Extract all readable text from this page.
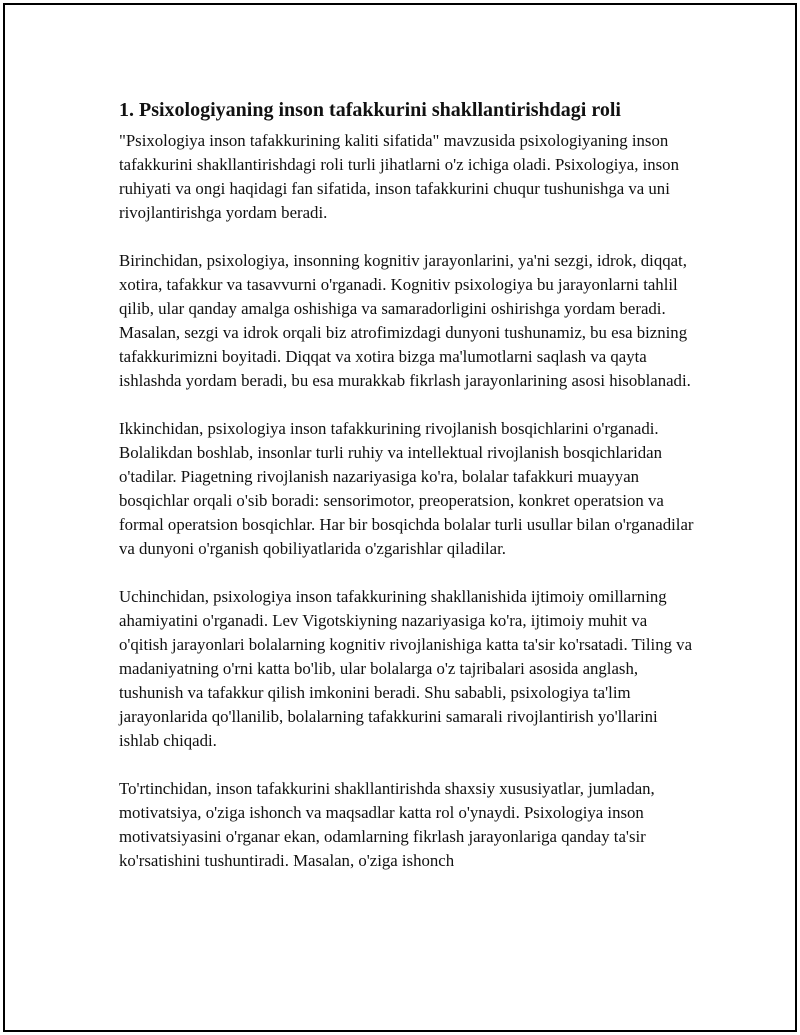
1. Psixologiyaning inson tafakkurini shakllantirishdagi roli

"Psixologiya inson tafakkurining kaliti sifatida" mavzusida psixologiyaning inson tafakkurini shakllantirishdagi roli turli jihatlarni o'z ichiga oladi. Psixologiya, inson ruhiyati va ongi haqidagi fan sifatida, inson tafakkurini chuqur tushunishga va uni rivojlantirishga yordam beradi.

Birinchidan, psixologiya, insonning kognitiv jarayonlarini, ya'ni sezgi, idrok, diqqat, xotira, tafakkur va tasavvurni o'rganadi. Kognitiv psixologiya bu jarayonlarni tahlil qilib, ular qanday amalga oshishiga va samaradorligini oshirishga yordam beradi. Masalan, sezgi va idrok orqali biz atrofimizdagi dunyoni tushunamiz, bu esa bizning tafakkurimizni boyitadi. Diqqat va xotira bizga ma'lumotlarni saqlash va qayta ishlashda yordam beradi, bu esa murakkab fikrlash jarayonlarining asosi hisoblanadi.

Ikkinchidan, psixologiya inson tafakkurining rivojlanish bosqichlarini o'rganadi. Bolalikdan boshlab, insonlar turli ruhiy va intellektual rivojlanish bosqichlaridan o'tadilar. Piagetning rivojlanish nazariyasiga ko'ra, bolalar tafakkuri muayyan bosqichlar orqali o'sib boradi: sensorimotor, preoperatsion, konkret operatsion va formal operatsion bosqichlar. Har bir bosqichda bolalar turli usullar bilan o'rganadilar va dunyoni o'rganish qobiliyatlarida o'zgarishlar qiladilar.

Uchinchidan, psixologiya inson tafakkurining shakllanishida ijtimoiy omillarning ahamiyatini o'rganadi. Lev Vigotskiyning nazariyasiga ko'ra, ijtimoiy muhit va o'qitish jarayonlari bolalarning kognitiv rivojlanishiga katta ta'sir ko'rsatadi. Tiling va madaniyatning o'rni katta bo'lib, ular bolalarga o'z tajribalari asosida anglash, tushunish va tafakkur qilish imkonini beradi. Shu sababli, psixologiya ta'lim jarayonlarida qo'llanilib, bolalarning tafakkurini samarali rivojlantirish yo'llarini ishlab chiqadi.

To'rtinchidan, inson tafakkurini shakllantirishda shaxsiy xususiyatlar, jumladan, motivatsiya, o'ziga ishonch va maqsadlar katta rol o'ynaydi. Psixologiya inson motivatsiyasini o'rganar ekan, odamlarning fikrlash jarayonlariga qanday ta'sir ko'rsatishini tushuntiradi. Masalan, o'ziga ishonch
